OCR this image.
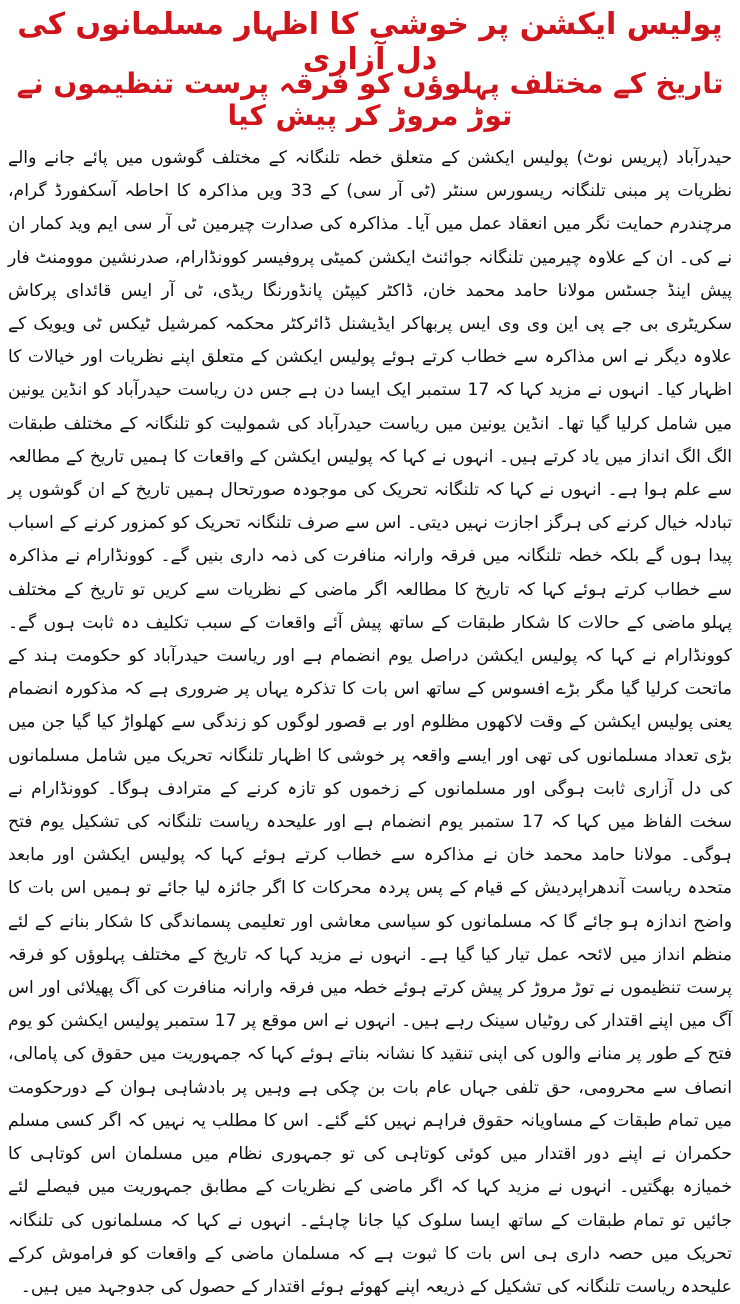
پولیس ایکشن پر خوشی کا اظہار مسلمانوں کی دل آزاری
تاریخ کے مختلف پہلوؤں کو فرقہ پرست تنظیموں نے توڑ مروڑ کر پیش کیا

حیدرآباد (پریس نوٹ) پولیس ایکشن کے متعلق خطہ تلنگانہ کے مختلف گوشوں میں پائے جانے والے نظریات پر مبنی تلنگانہ ریسورس سنٹر (ٹی آر سی) کے 33 ویں مذاکرہ کا احاطہ آسکفورڈ گرام، مرچندرم حمایت نگر میں انعقاد عمل میں آیا۔ مذاکرہ کی صدارت چیرمین ٹی آر سی ایم وید کمار ان نے کی۔ ان کے علاوہ چیرمین تلنگانہ جوائنٹ ایکشن کمیٹی پروفیسر کوونڈارام، صدرنشین موومنٹ فار پیش اینڈ جسٹس مولانا حامد محمد خان، ڈاکٹر کیپٹن پانڈورنگا ریڈی، ٹی آر ایس قائدای پرکاش سکریٹری بی جے پی این وی وی ایس پربھاکر ایڈیشنل ڈائرکٹر محکمہ کمرشیل ٹیکس ٹی ویویک کے علاوہ دیگر نے اس مذاکرہ سے خطاب کرتے ہوئے پولیس ایکشن کے متعلق اپنے نظریات اور خیالات کا اظہار کیا۔ انہوں نے مزید کہا کہ 17 ستمبر ایک ایسا دن ہے جس دن ریاست حیدرآباد کو انڈین یونین میں شامل کرلیا گیا تھا۔ انڈین یونین میں ریاست حیدرآباد کی شمولیت کو تلنگانہ کے مختلف طبقات الگ الگ انداز میں یاد کرتے ہیں۔ انہوں نے کہا کہ پولیس ایکشن کے واقعات کا ہمیں تاریخ کے مطالعہ سے علم ہوا ہے۔ انہوں نے کہا کہ تلنگانہ تحریک کی موجودہ صورتحال ہمیں تاریخ کے ان گوشوں پر تبادلہ خیال کرنے کی ہرگز اجازت نہیں دیتی۔ اس سے صرف تلنگانہ تحریک کو کمزور کرنے کے اسباب پیدا ہوں گے بلکہ خطہ تلنگانہ میں فرقہ وارانہ منافرت کی ذمہ داری بنیں گے۔ کوونڈارام نے مذاکرہ سے خطاب کرتے ہوئے کہا کہ تاریخ کا مطالعہ اگر ماضی کے نظریات سے کریں تو تاریخ کے مختلف پہلو ماضی کے حالات کا شکار طبقات کے ساتھ پیش آئے واقعات کے سبب تکلیف دہ ثابت ہوں گے۔ کوونڈارام نے کہا کہ پولیس ایکشن دراصل یوم انضمام ہے اور ریاست حیدرآباد کو حکومت ہند کے ماتحت کرلیا گیا مگر بڑے افسوس کے ساتھ اس بات کا تذکرہ یہاں پر ضروری ہے کہ مذکورہ انضمام یعنی پولیس ایکشن کے وقت لاکھوں مظلوم اور بے قصور لوگوں کو زندگی سے کھلواڑ کیا گیا جن میں بڑی تعداد مسلمانوں کی تھی اور ایسے واقعہ پر خوشی کا اظہار تلنگانہ تحریک میں شامل مسلمانوں کی دل آزاری ثابت ہوگی اور مسلمانوں کے زخموں کو تازہ کرنے کے مترادف ہوگا۔ کوونڈارام نے سخت الفاظ میں کہا کہ 17 ستمبر یوم انضمام ہے اور علیحدہ ریاست تلنگانہ کی تشکیل یوم فتح ہوگی۔ مولانا حامد محمد خان نے مذاکرہ سے خطاب کرتے ہوئے کہا کہ پولیس ایکشن اور مابعد متحدہ ریاست آندھراپردیش کے قیام کے پس پردہ محرکات کا اگر جائزہ لیا جائے تو ہمیں اس بات کا واضح اندازہ ہو جائے گا کہ مسلمانوں کو سیاسی معاشی اور تعلیمی پسماندگی کا شکار بنانے کے لئے منظم انداز میں لائحہ عمل تیار کیا گیا ہے۔ انہوں نے مزید کہا کہ تاریخ کے مختلف پہلوؤں کو فرقہ پرست تنظیموں نے توڑ مروڑ کر پیش کرتے ہوئے خطہ میں فرقہ وارانہ منافرت کی آگ پھیلائی اور اس آگ میں اپنے اقتدار کی روٹیاں سینک رہے ہیں۔ انہوں نے اس موقع پر 17 ستمبر پولیس ایکشن کو یوم فتح کے طور پر منانے والوں کی اپنی تنقید کا نشانہ بناتے ہوئے کہا کہ جمہوریت میں حقوق کی پامالی، انصاف سے محرومی، حق تلفی جہاں عام بات بن چکی ہے وہیں پر بادشاہی ہوان کے دورحکومت میں تمام طبقات کے مساویانہ حقوق فراہم نہیں کئے گئے۔ اس کا مطلب یہ نہیں کہ اگر کسی مسلم حکمران نے اپنے دور اقتدار میں کوئی کوتاہی کی تو جمہوری نظام میں مسلمان اس کوتاہی کا خمیازہ بھگتیں۔ انہوں نے مزید کہا کہ اگر ماضی کے نظریات کے مطابق جمہوریت میں فیصلے لئے جائیں تو تمام طبقات کے ساتھ ایسا سلوک کیا جانا چاہئے۔ انہوں نے کہا کہ مسلمانوں کی تلنگانہ تحریک میں حصہ داری ہی اس بات کا ثبوت ہے کہ مسلمان ماضی کے واقعات کو فراموش کرکے علیحدہ ریاست تلنگانہ کی تشکیل کے ذریعہ اپنے کھوئے ہوئے اقتدار کے حصول کی جدوجہد میں ہیں۔
